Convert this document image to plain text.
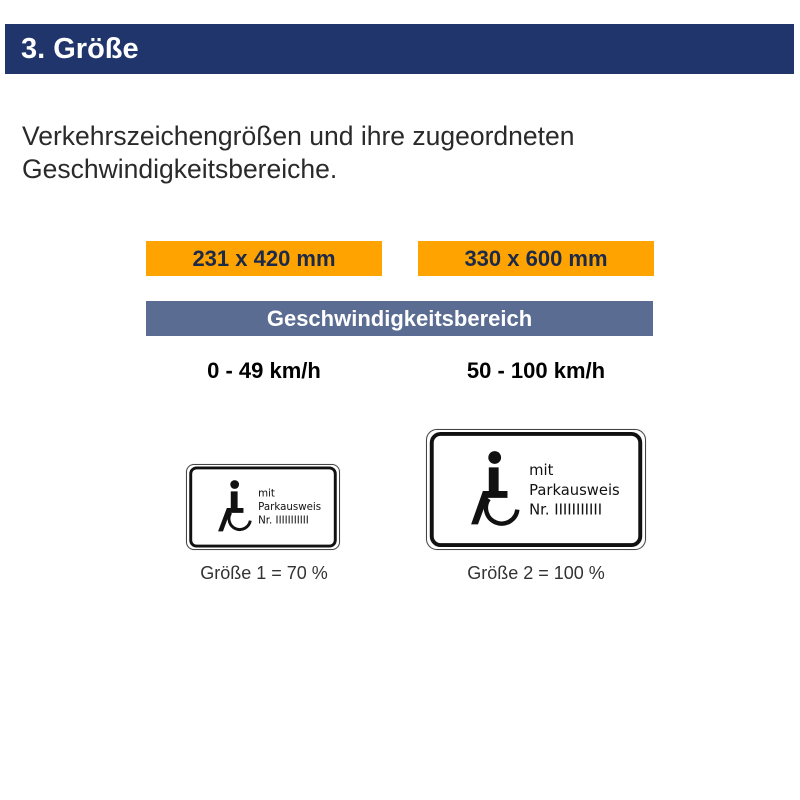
3. Größe
Verkehrszeichengrößen und ihre zugeordneten
Geschwindigkeitsbereiche.
231 x 420 mm	330 x 600 mm
Geschwindigkeitsbereich
0 - 49 km/h	50 - 100 km/h
mit
Parkausweis
Nr. IIIIIIIIIII
Größe 1 = 70 %
mit
Parkausweis
Nr. IIIIIIIIIII
Größe 2 = 100 %
